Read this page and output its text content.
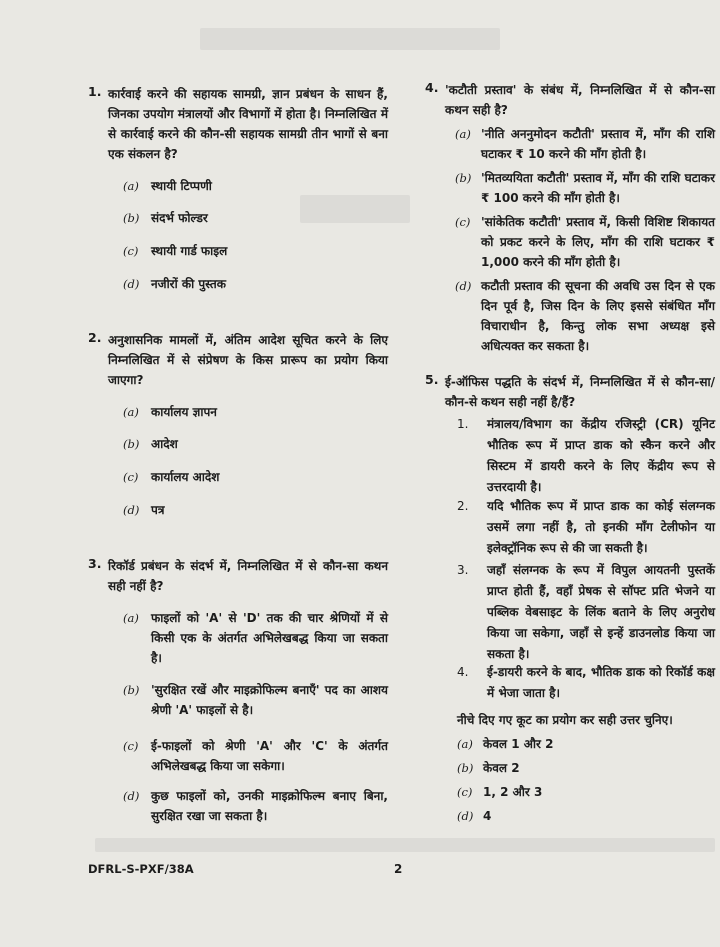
1. कार्रवाई करने की सहायक सामग्री, ज्ञान प्रबंधन के साधन हैं, जिनका उपयोग मंत्रालयों और विभागों में होता है। निम्नलिखित में से कार्रवाई करने की कौन-सी सहायक सामग्री तीन भागों से बना एक संकलन है?
(a) स्थायी टिप्पणी
(b) संदर्भ फोल्डर
(c) स्थायी गार्ड फाइल
(d) नजीरों की पुस्तक
2. अनुशासनिक मामलों में, अंतिम आदेश सूचित करने के लिए निम्नलिखित में से संप्रेषण के किस प्रारूप का प्रयोग किया जाएगा?
(a) कार्यालय ज्ञापन
(b) आदेश
(c) कार्यालय आदेश
(d) पत्र
3. रिकॉर्ड प्रबंधन के संदर्भ में, निम्नलिखित में से कौन-सा कथन सही नहीं है?
(a) फाइलों को 'A' से 'D' तक की चार श्रेणियों में से किसी एक के अंतर्गत अभिलेखबद्ध किया जा सकता है।
(b) 'सुरक्षित रखें और माइक्रोफिल्म बनाएँ' पद का आशय श्रेणी 'A' फाइलों से है।
(c) ई-फाइलों को श्रेणी 'A' और 'C' के अंतर्गत अभिलेखबद्ध किया जा सकेगा।
(d) कुछ फाइलों को, उनकी माइक्रोफिल्म बनाए बिना, सुरक्षित रखा जा सकता है।
4. 'कटौती प्रस्ताव' के संबंध में, निम्नलिखित में से कौन-सा कथन सही है?
(a) 'नीति अननुमोदन कटौती' प्रस्ताव में, माँग की राशि घटाकर ₹ 10 करने की माँग होती है।
(b) 'मितव्ययिता कटौती' प्रस्ताव में, माँग की राशि घटाकर ₹ 100 करने की माँग होती है।
(c) 'सांकेतिक कटौती' प्रस्ताव में, किसी विशिष्ट शिकायत को प्रकट करने के लिए, माँग की राशि घटाकर ₹ 1,000 करने की माँग होती है।
(d) कटौती प्रस्ताव की सूचना की अवधि उस दिन से एक दिन पूर्व है, जिस दिन के लिए इससे संबंधित माँग विचाराधीन है, किन्तु लोक सभा अध्यक्ष इसे अधित्यक्त कर सकता है।
5. ई-ऑफिस पद्धति के संदर्भ में, निम्नलिखित में से कौन-सा/कौन-से कथन सही नहीं है/हैं?
1. मंत्रालय/विभाग का केंद्रीय रजिस्ट्री (CR) यूनिट भौतिक रूप में प्राप्त डाक को स्कैन करने और सिस्टम में डायरी करने के लिए केंद्रीय रूप से उत्तरदायी है।
2. यदि भौतिक रूप में प्राप्त डाक का कोई संलग्नक उसमें लगा नहीं है, तो इनकी माँग टेलीफोन या इलेक्ट्रॉनिक रूप से की जा सकती है।
3. जहाँ संलग्नक के रूप में विपुल आयतनी पुस्तकें प्राप्त होती हैं, वहाँ प्रेषक से सॉफ्ट प्रति भेजने या पब्लिक वेबसाइट के लिंक बताने के लिए अनुरोध किया जा सकेगा, जहाँ से इन्हें डाउनलोड किया जा सकता है।
4. ई-डायरी करने के बाद, भौतिक डाक को रिकॉर्ड कक्ष में भेजा जाता है।
नीचे दिए गए कूट का प्रयोग कर सही उत्तर चुनिए।
(a) केवल 1 और 2
(b) केवल 2
(c) 1, 2 और 3
(d) 4
DFRL-S-PXF/38A	2
